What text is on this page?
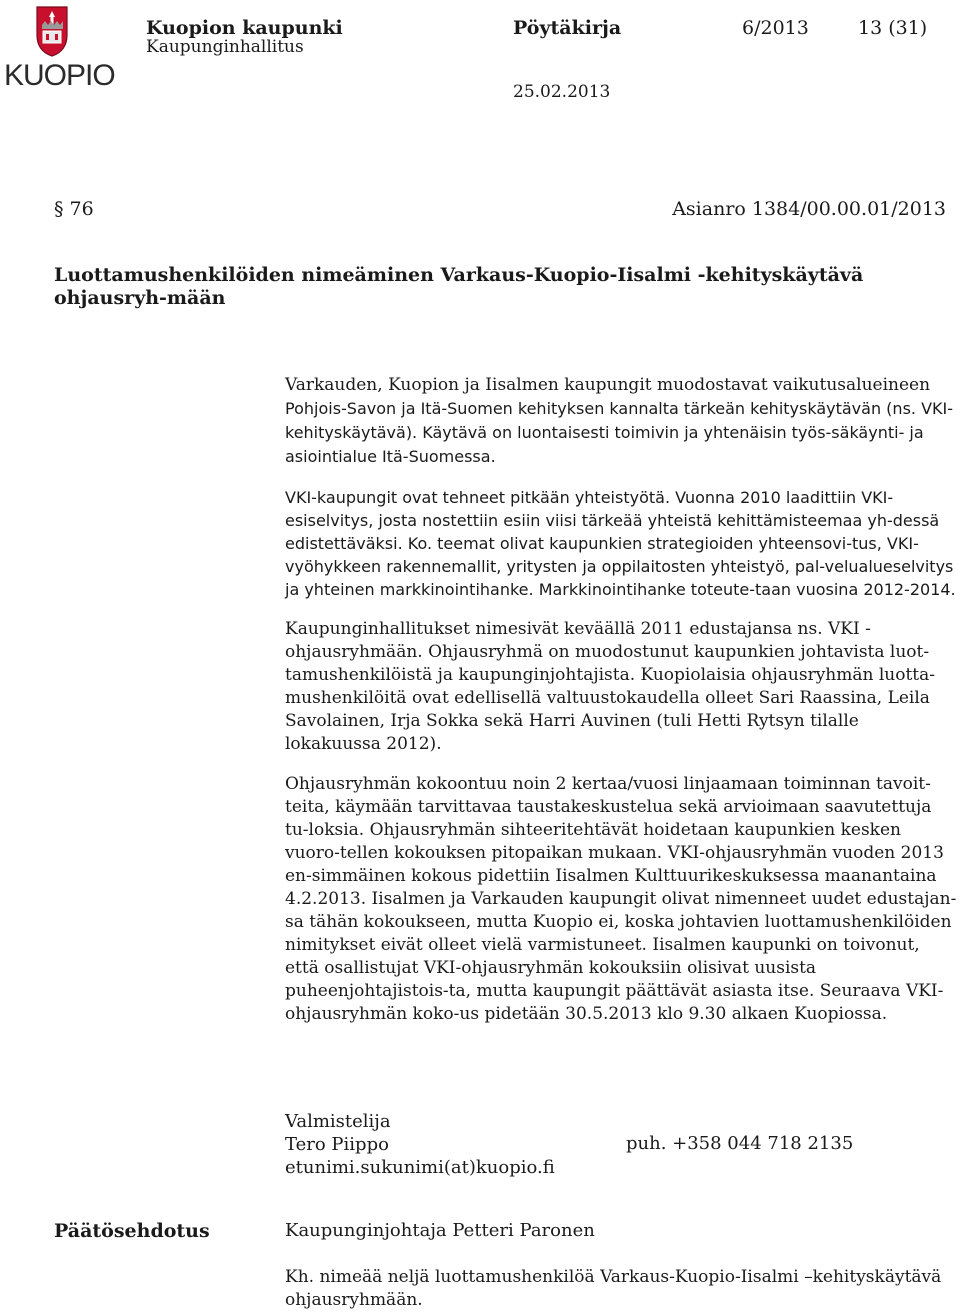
KUOPIO
Kuopion kaupunki
Kaupunginhallitus
Pöytäkirja	6/2013	13 (31)
25.02.2013
§ 76	Asianro 1384/00.00.01/2013
Luottamushenkilöiden nimeäminen Varkaus-Kuopio-Iisalmi -kehityskäytävä ohjausryh-mään

Varkauden, Kuopion ja Iisalmen kaupungit muodostavat vaikutusalueineen Pohjois-Savon ja Itä-Suomen kehityksen kannalta tärkeän kehityskäytävän (ns. VKI-kehityskäytävä). Käytävä on luontaisesti toimivin ja yhtenäisin työs-säkäynti- ja asiointialue Itä-Suomessa.

VKI-kaupungit ovat tehneet pitkään yhteistyötä. Vuonna 2010 laadittiin VKI-esiselvitys, josta nostettiin esiin viisi tärkeää yhteistä kehittämisteemaa yh-dessä edistettäväksi. Ko. teemat olivat kaupunkien strategioiden yhteensovi-tus, VKI-vyöhykkeen rakennemallit, yritysten ja oppilaitosten yhteistyö, pal-velualueselvitys ja yhteinen markkinointihanke. Markkinointihanke toteute-taan vuosina 2012-2014.

Kaupunginhallitukset nimesivät keväällä 2011 edustajansa ns. VKI - ohjausryhmään. Ohjausryhmä on muodostunut kaupunkien johtavista luot-tamushenkilöistä ja kaupunginjohtajista. Kuopiolaisia ohjausryhmän luotta-mushenkilöitä ovat edellisellä valtuustokaudella olleet Sari Raassina, Leila Savolainen, Irja Sokka sekä Harri Auvinen (tuli Hetti Rytsyn tilalle lokakuussa 2012).

Ohjausryhmän kokoontuu noin 2 kertaa/vuosi linjaamaan toiminnan tavoit-teita, käymään tarvittavaa taustakeskustelua sekä arvioimaan saavutettuja tu-loksia. Ohjausryhmän sihteeritehtävät hoidetaan kaupunkien kesken vuoro-tellen kokouksen pitopaikan mukaan. VKI-ohjausryhmän vuoden 2013 en-simmäinen kokous pidettiin Iisalmen Kulttuurikeskuksessa maanantaina 4.2.2013. Iisalmen ja Varkauden kaupungit olivat nimenneet uudet edustajan-sa tähän kokoukseen, mutta Kuopio ei, koska johtavien luottamushenkilöiden nimitykset eivät olleet vielä varmistuneet. Iisalmen kaupunki on toivonut, että osallistujat VKI-ohjausryhmän kokouksiin olisivat uusista puheenjohtajistois-ta, mutta kaupungit päättävät asiasta itse. Seuraava VKI-ohjausryhmän koko-us pidetään 30.5.2013 klo 9.30 alkaen Kuopiossa.

Valmistelija
Tero Piippo
etunimi.sukunimi(at)kuopio.fi
puh. +358 044 718 2135
Päätösehdotus	Kaupunginjohtaja Petteri Paronen
Kh. nimeää neljä luottamushenkilöä Varkaus-Kuopio-Iisalmi –kehityskäytävä ohjausryhmään.
